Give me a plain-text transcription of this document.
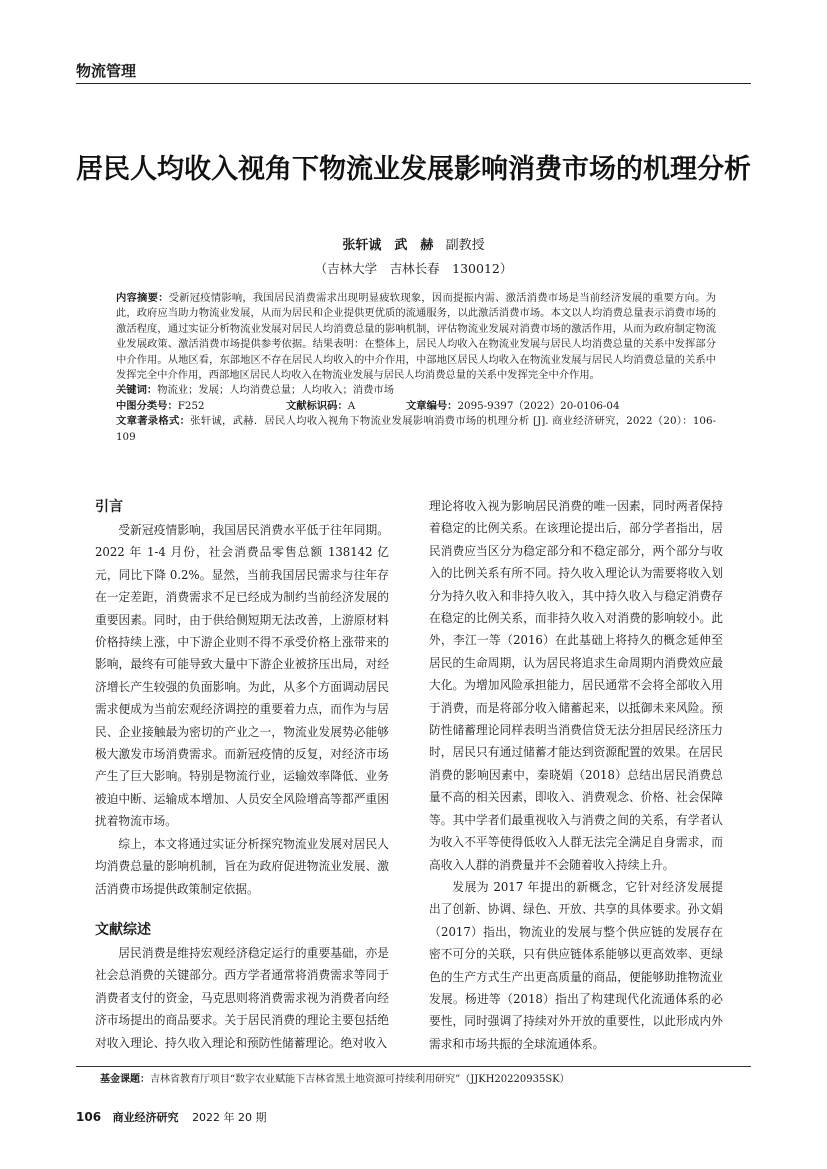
物流管理
居民人均收入视角下物流业发展影响消费市场的机理分析
张轩诚　武　赫 副教授
（吉林大学　吉林长春　130012）

内容摘要：受新冠疫情影响，我国居民消费需求出现明显疲软现象，因而提振内需、激活消费市场是当前经济发展的重要方向。为此，政府应当助力物流业发展，从而为居民和企业提供更优质的流通服务，以此激活消费市场。本文以人均消费总量表示消费市场的激活程度，通过实证分析物流业发展对居民人均消费总量的影响机制，评估物流业发展对消费市场的激活作用，从而为政府制定物流业发展政策、激活消费市场提供参考依据。结果表明：在整体上，居民人均收入在物流业发展与居民人均消费总量的关系中发挥部分中介作用。从地区看，东部地区不存在居民人均收入的中介作用，中部地区居民人均收入在物流业发展与居民人均消费总量的关系中发挥完全中介作用，西部地区居民人均收入在物流业发展与居民人均消费总量的关系中发挥完全中介作用。

关键词：物流业；发展；人均消费总量；人均收入；消费市场

中图分类号：F252	文献标识码：A	文章编号：2095-9397（2022）20-0106-04

文章著录格式：张轩诚，武赫．居民人均收入视角下物流业发展影响消费市场的机理分析 [J]. 商业经济研究，2022（20）：106-109

引言

受新冠疫情影响，我国居民消费水平低于往年同期。2022 年 1-4 月份，社会消费品零售总额 138142 亿元，同比下降 0.2%。显然，当前我国居民需求与往年存在一定差距，消费需求不足已经成为制约当前经济发展的重要因素。同时，由于供给侧短期无法改善，上游原材料价格持续上涨，中下游企业则不得不承受价格上涨带来的影响，最终有可能导致大量中下游企业被挤压出局，对经济增长产生较强的负面影响。为此，从多个方面调动居民需求便成为当前宏观经济调控的重要着力点，而作为与居民、企业接触最为密切的产业之一，物流业发展势必能够极大激发市场消费需求。而新冠疫情的反复，对经济市场产生了巨大影响。特别是物流行业，运输效率降低、业务被迫中断、运输成本增加、人员安全风险增高等都严重困扰着物流市场。

综上，本文将通过实证分析探究物流业发展对居民人均消费总量的影响机制，旨在为政府促进物流业发展、激活消费市场提供政策制定依据。

文献综述

居民消费是维持宏观经济稳定运行的重要基础，亦是社会总消费的关键部分。西方学者通常将消费需求等同于消费者支付的资金，马克思则将消费需求视为消费者向经济市场提出的商品要求。关于居民消费的理论主要包括绝对收入理论、持久收入理论和预防性储蓄理论。绝对收入

理论将收入视为影响居民消费的唯一因素，同时两者保持着稳定的比例关系。在该理论提出后，部分学者指出，居民消费应当区分为稳定部分和不稳定部分，两个部分与收入的比例关系有所不同。持久收入理论认为需要将收入划分为持久收入和非持久收入，其中持久收入与稳定消费存在稳定的比例关系，而非持久收入对消费的影响较小。此外，李江一等（2016）在此基础上将持久的概念延伸至居民的生命周期，认为居民将追求生命周期内消费效应最大化。为增加风险承担能力，居民通常不会将全部收入用于消费，而是将部分收入储蓄起来，以抵御未来风险。预防性储蓄理论同样表明当消费信贷无法分担居民经济压力时，居民只有通过储蓄才能达到资源配置的效果。在居民消费的影响因素中，秦晓娟（2018）总结出居民消费总量不高的相关因素，即收入、消费观念、价格、社会保障等。其中学者们最重视收入与消费之间的关系，有学者认为收入不平等使得低收入人群无法完全满足自身需求，而高收入人群的消费量并不会随着收入持续上升。

发展为 2017 年提出的新概念，它针对经济发展提出了创新、协调、绿色、开放、共享的具体要求。孙文娟（2017）指出，物流业的发展与整个供应链的发展存在密不可分的关联，只有供应链体系能够以更高效率、更绿色的生产方式生产出更高质量的商品，便能够助推物流业发展。杨进等（2018）指出了构建现代化流通体系的必要性，同时强调了持续对外开放的重要性，以此形成内外需求和市场共振的全球流通体系。

基金课题：吉林省教育厅项目“数字农业赋能下吉林省黑土地资源可持续利用研究”（JJKH20220935SK）
106 商业经济研究 2022 年 20 期
